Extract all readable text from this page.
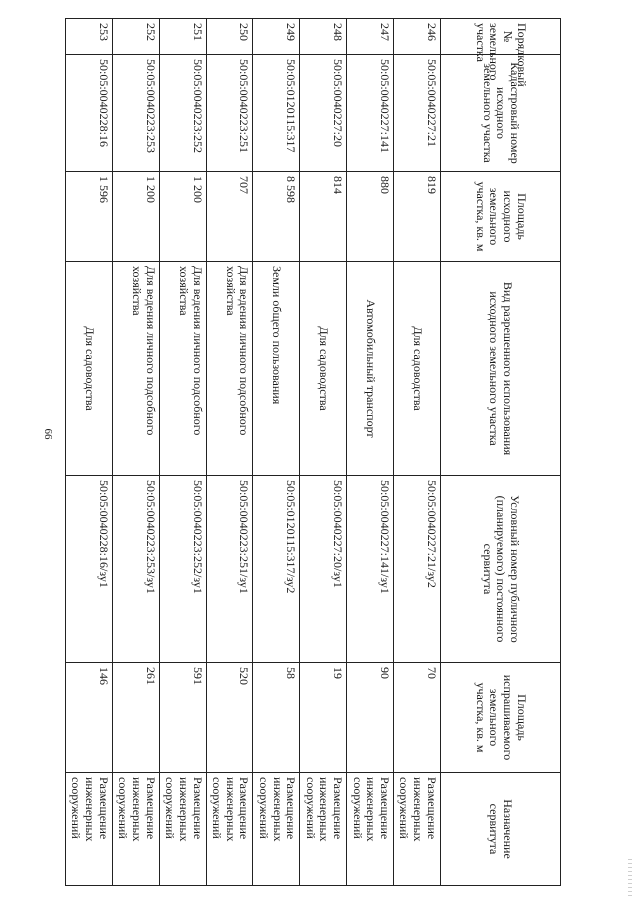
66
Порядковый № земельного участка	Кадастровый номер исходного земельного участка	Площадь исходного земельного участка, кв. м	Вид разрешенного использования исходного земельного участка	Условный номер публичного (планируемого) постоянного сервитута	Площадь испрашиваемого земельного участка, кв. м	Назначение сервитута
246	50:05:0040227:21	819	Для садоводства	50:05:0040227:21/зу2	70	Размещение инженерных сооружений
247	50:05:0040227:141	880	Автомобильный транспорт	50:05:0040227:141/зу1	90	Размещение инженерных сооружений
248	50:05:0040227:20	814	Для садоводства	50:05:0040227:20/зу1	19	Размещение инженерных сооружений
249	50:05:0120115:317	8 598	Земли общего пользования	50:05:0120115:317/зу2	58	Размещение инженерных сооружений
250	50:05:0040223:251	707	Для ведения личного подсобного хозяйства	50:05:0040223:251/зу1	520	Размещение инженерных сооружений
251	50:05:0040223:252	1 200	Для ведения личного подсобного хозяйства	50:05:0040223:252/зу1	591	Размещение инженерных сооружений
252	50:05:0040223:253	1 200	Для ведения личного подсобного хозяйства	50:05:0040223:253/зу1	261	Размещение инженерных сооружений
253	50:05:0040228:16	1 596	Для садоводства	50:05:0040228:16/зу1	146	Размещение инженерных сооружений
